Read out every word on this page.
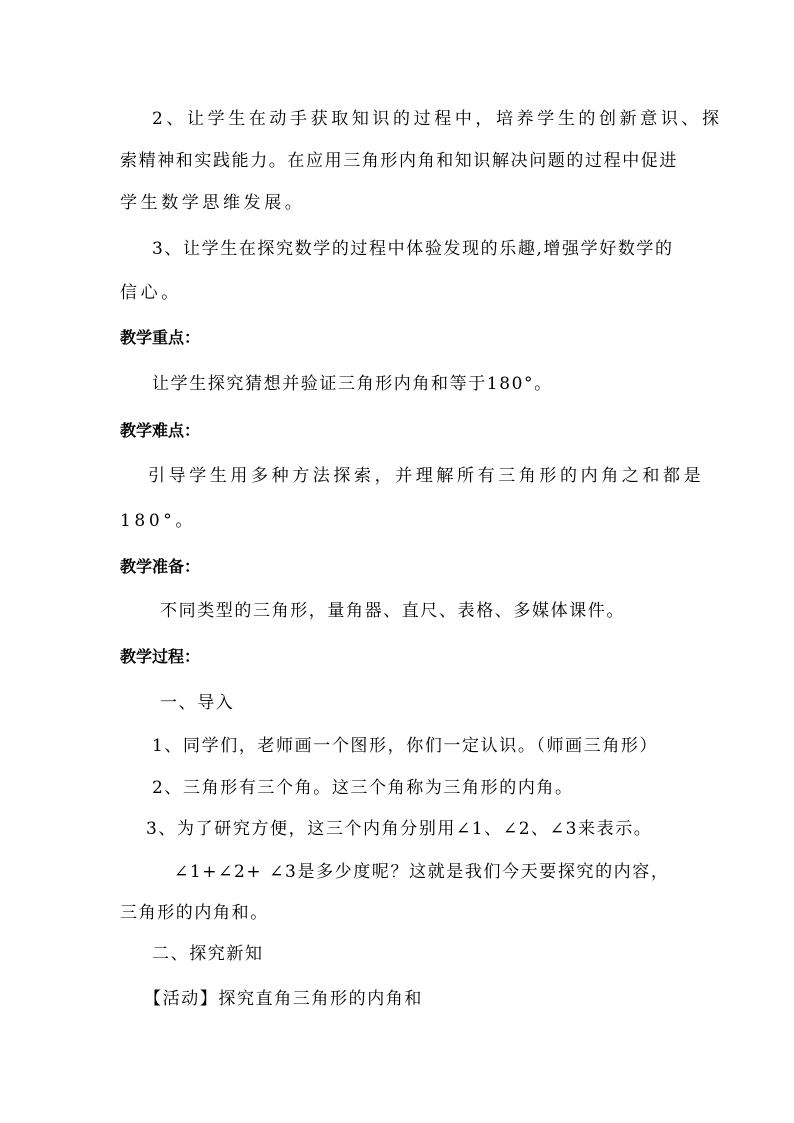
2、让学生在动手获取知识的过程中，培养学生的创新意识、探
索精神和实践能力。在应用三角形内角和知识解决问题的过程中促进
学生数学思维发展。
3、让学生在探究数学的过程中体验发现的乐趣,增强学好数学的
信心。
教学重点：
让学生探究猜想并验证三角形内角和等于180°。
教学难点：
引导学生用多种方法探索，并理解所有三角形的内角之和都是
180°。
教学准备：
不同类型的三角形，量角器、直尺、表格、多媒体课件。
教学过程：
一、导入
1、同学们，老师画一个图形，你们一定认识。（师画三角形）
2、三角形有三个角。这三个角称为三角形的内角。
3、为了研究方便，这三个内角分别用∠1、∠2、∠3来表示。
∠1+∠2+ ∠3是多少度呢？这就是我们今天要探究的内容，
三角形的内角和。
二、探究新知
【活动】探究直角三角形的内角和
